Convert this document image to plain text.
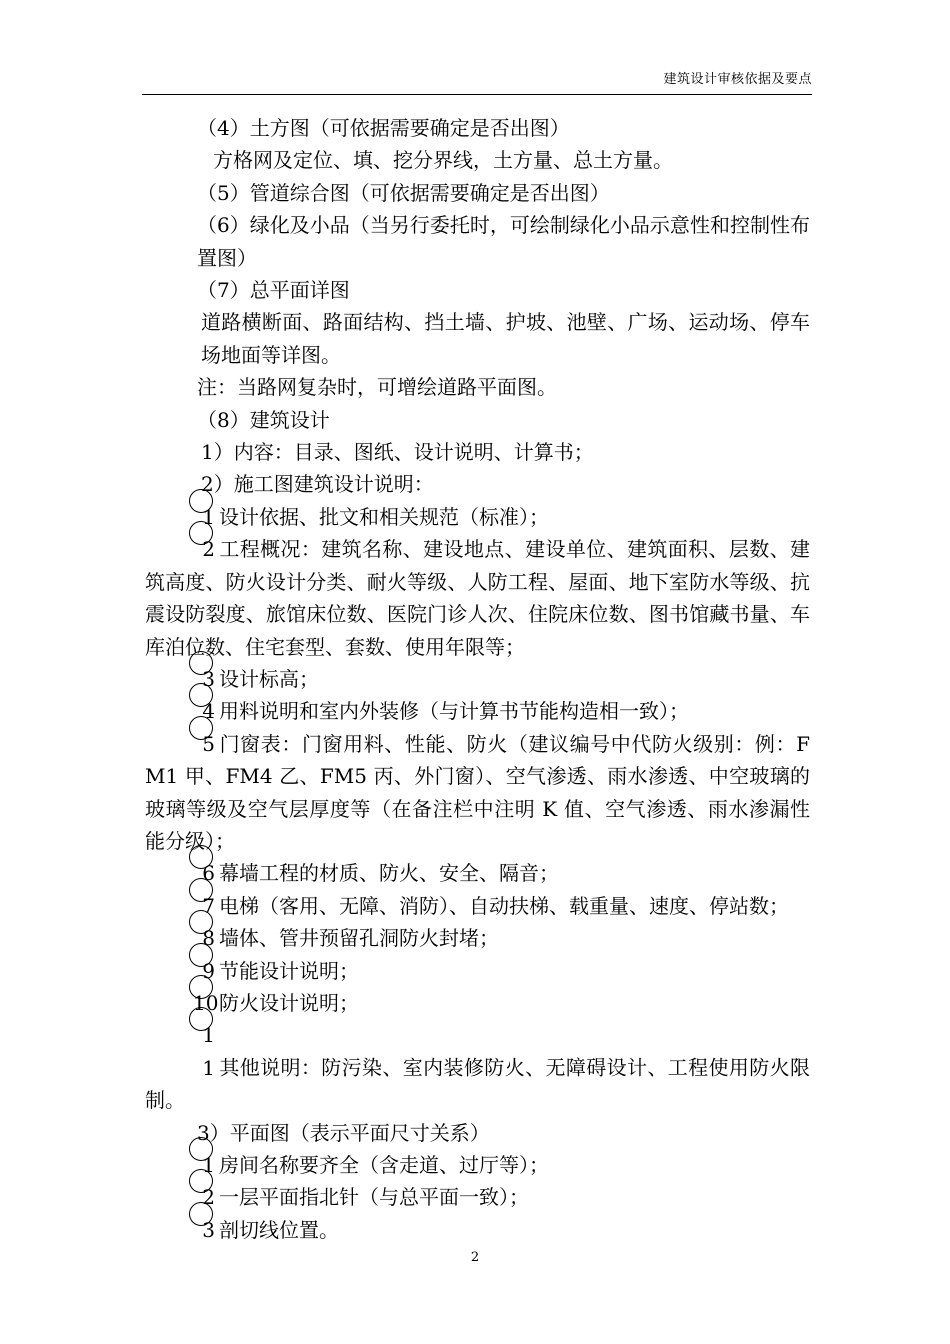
建筑设计审核依据及要点

（4）土方图（可依据需要确定是否出图）

方格网及定位、填、挖分界线，土方量、总土方量。

（5）管道综合图（可依据需要确定是否出图）

（6）绿化及小品（当另行委托时，可绘制绿化小品示意性和控制性布置图）

（7）总平面详图

道路横断面、路面结构、挡土墙、护坡、池壁、广场、运动场、停车场地面等详图。

注：当路网复杂时，可增绘道路平面图。

（8）建筑设计

1）内容：目录、图纸、设计说明、计算书；

2）施工图建筑设计说明：

1 设计依据、批文和相关规范（标准）；

2 工程概况：建筑名称、建设地点、建设单位、建筑面积、层数、建筑高度、防火设计分类、耐火等级、人防工程、屋面、地下室防水等级、抗震设防裂度、旅馆床位数、医院门诊人次、住院床位数、图书馆藏书量、车库泊位数、住宅套型、套数、使用年限等；

3 设计标高；

4 用料说明和室内外装修（与计算书节能构造相一致）；

5 门窗表：门窗用料、性能、防火（建议编号中代防火级别：例：FM1 甲、FM4 乙、FM5 丙、外门窗）、空气渗透、雨水渗透、中空玻璃的玻璃等级及空气层厚度等（在备注栏中注明 K 值、空气渗透、雨水渗漏性能分级）；

6 幕墙工程的材质、防火、安全、隔音；

7 电梯（客用、无障、消防）、自动扶梯、载重量、速度、停站数；

8 墙体、管井预留孔洞防火封堵；

9 节能设计说明；

10防火设计说明；

11 其他说明：防污染、室内装修防火、无障碍设计、工程使用防火限制。

3）平面图（表示平面尺寸关系）

1 房间名称要齐全（含走道、过厅等）；

2 一层平面指北针（与总平面一致）；

3 剖切线位置。

2
